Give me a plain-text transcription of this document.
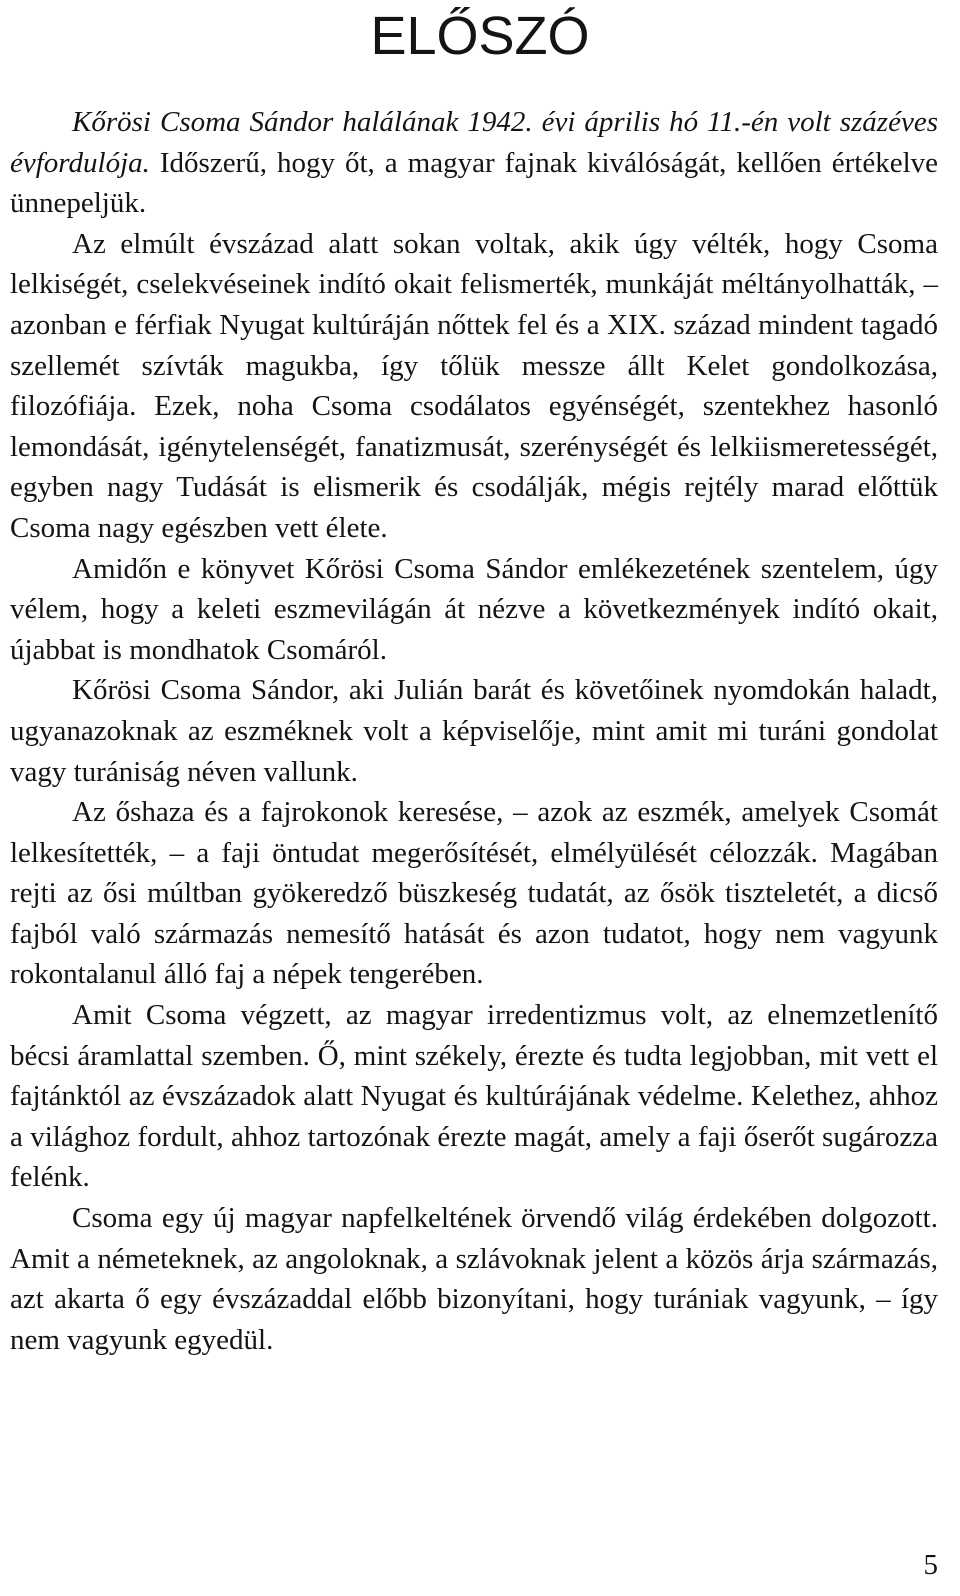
ELŐSZÓ

Kőrösi Csoma Sándor halálának 1942. évi április hó 11.-én volt százéves évfordulója. Időszerű, hogy őt, a magyar fajnak kiválóságát, kellően értékelve ünnepeljük.

Az elmúlt évszázad alatt sokan voltak, akik úgy vélték, hogy Csoma lelkiségét, cselekvéseinek indító okait felismerték, munkáját méltányolhatták, – azonban e férfiak Nyugat kultúráján nőttek fel és a XIX. század mindent tagadó szellemét szívták magukba, így tőlük messze állt Kelet gondolkozása, filozófiája. Ezek, noha Csoma csodálatos egyénségét, szentekhez hasonló lemondását, igénytelenségét, fanatizmusát, szerénységét és lelkiismeretességét, egyben nagy Tudását is elismerik és csodálják, mégis rejtély marad előttük Csoma nagy egészben vett élete.

Amidőn e könyvet Kőrösi Csoma Sándor emlékezetének szentelem, úgy vélem, hogy a keleti eszmevilágán át nézve a következmények indító okait, újabbat is mondhatok Csomáról.

Kőrösi Csoma Sándor, aki Julián barát és követőinek nyomdokán haladt, ugyanazoknak az eszméknek volt a képviselője, mint amit mi turáni gondolat vagy turániság néven vallunk.

Az őshaza és a fajrokonok keresése, – azok az eszmék, amelyek Csomát lelkesítették, – a faji öntudat megerősítését, elmélyülését célozzák. Magában rejti az ősi múltban gyökeredző büszkeség tudatát, az ősök tiszteletét, a dicső fajból való származás nemesítő hatását és azon tudatot, hogy nem vagyunk rokontalanul álló faj a népek tengerében.

Amit Csoma végzett, az magyar irredentizmus volt, az elnemzetlenítő bécsi áramlattal szemben. Ő, mint székely, érezte és tudta legjobban, mit vett el fajtánktól az évszázadok alatt Nyugat és kultúrájának védelme. Kelethez, ahhoz a világhoz fordult, ahhoz tartozónak érezte magát, amely a faji őserőt sugározza felénk.

Csoma egy új magyar napfelkeltének örvendő világ érdekében dolgozott. Amit a németeknek, az angoloknak, a szlávoknak jelent a közös árja származás, azt akarta ő egy évszázaddal előbb bizonyítani, hogy turániak vagyunk, – így nem vagyunk egyedül.

5
